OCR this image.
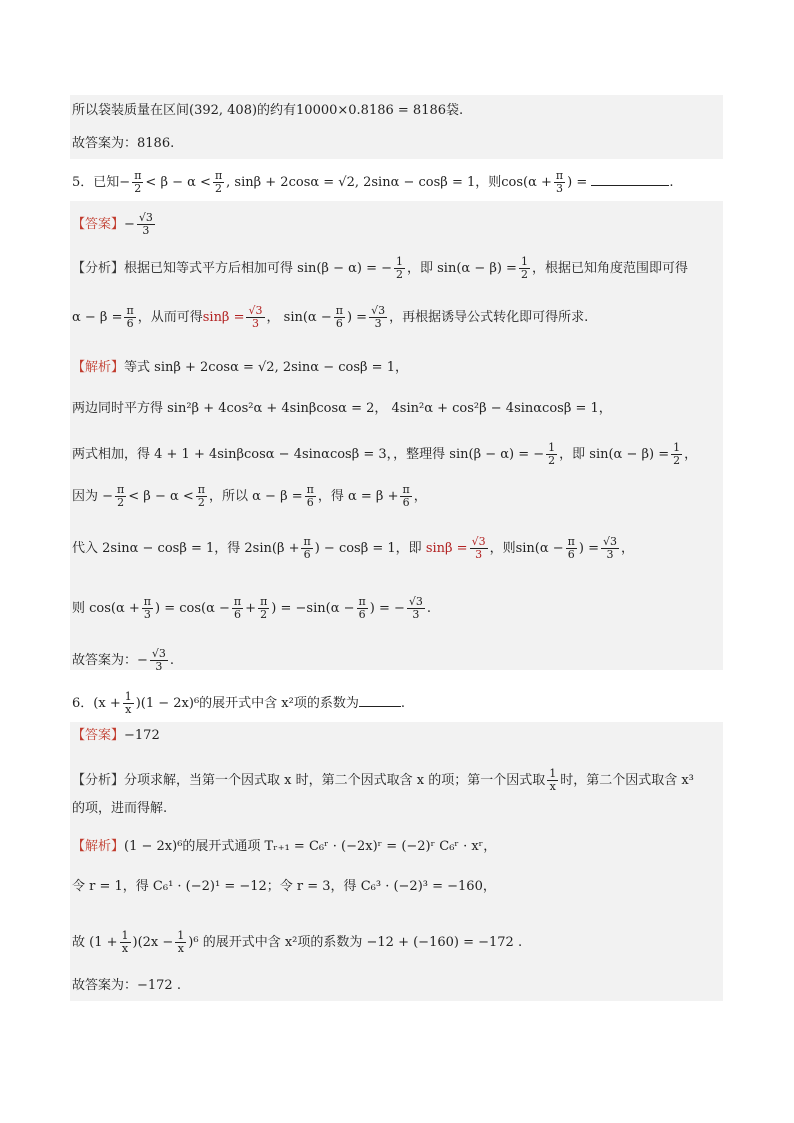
所以袋装质量在区间(392, 408)的约有10000×0.8186 = 8186袋.
故答案为：8186.
5．已知− $\frac{\pi}{2} < \beta - \alpha < \frac{\pi}{2}$ , sinβ + 2cosα = √2, 2sinα − cosβ = 1，则$\cos(\alpha + \frac{\pi}{3}$ ) =	.
【答案】− $\frac{√3}{3}$
【分析】根据已知等式平方后相加可得 sin(β − α) = − $\frac{1}{2}$ ，即 $\sin(\alpha - \beta) = \frac{1}{2}$ ，根据已知角度范围即可得
$\alpha - \beta = \frac{\pi}{6}$ ，从而可得$\sin\beta = \frac{√3}{3}$ ， $\sin(\alpha - \frac{\pi}{6}$ ) = $\frac{√3}{3}$ ，再根据诱导公式转化即可得所求.
【解析】等式 sinβ + 2cosα = √2, 2sinα − cosβ = 1，
两边同时平方得 sin²β + 4cos²α + 4sinβcosα = 2， 4sin²α + cos²β − 4sinαcosβ = 1，
两式相加，得 4 + 1 + 4sinβcosα − 4sinαcosβ = 3，，整理得 sin(β − α) = − $\frac{1}{2}$ ，即 $\sin(\alpha - \beta) = \frac{1}{2}$ ，
因为 − $\frac{\pi}{2} < \beta - \alpha < \frac{\pi}{2}$ ，所以 $\alpha - \beta = \frac{\pi}{6}$ ，得 $\alpha = \beta + \frac{\pi}{6}$ ，
代入 2sinα − cosβ = 1，得 $2\sin(\beta + \frac{\pi}{6}$ ) − cosβ = 1，即 $\sin\beta = \frac{√3}{3}$ ，则$\sin(\alpha - \frac{\pi}{6}$ ) = $\frac{√3}{3}$ ，
则 $\cos(\alpha + \frac{\pi}{3}$ ) = $\cos(\alpha - \frac{\pi}{6} + \frac{\pi}{2}$ ) = $-\sin(\alpha - \frac{\pi}{6}$ ) = − $\frac{√3}{3}$ .
故答案为：− $\frac{√3}{3}$ .
6．$(x + \frac{1}{x} )(1 - 2x)^6$的展开式中含 x²项的系数为	.
【答案】−172
【分析】分项求解，当第一个因式取 x 时，第二个因式取含 x 的项；第一个因式取 $\frac{1}{x}$ 时，第二个因式取含 x³
的项，进而得解.
【解析】(1 − 2x)⁶的展开式通项 Tᵣ₊₁ = C₆ʳ · (−2x)ʳ = (−2)ʳ C₆ʳ · xʳ，
令 r = 1，得 C₆¹ · (−2)¹ = −12；令 r = 3，得 C₆³ · (−2)³ = −160，
故 $(1 + \frac{1}{x} )(2x - \frac{1}{x} )^6$ 的展开式中含 x²项的系数为 −12 + (−160) = −172 .
故答案为：−172 .
